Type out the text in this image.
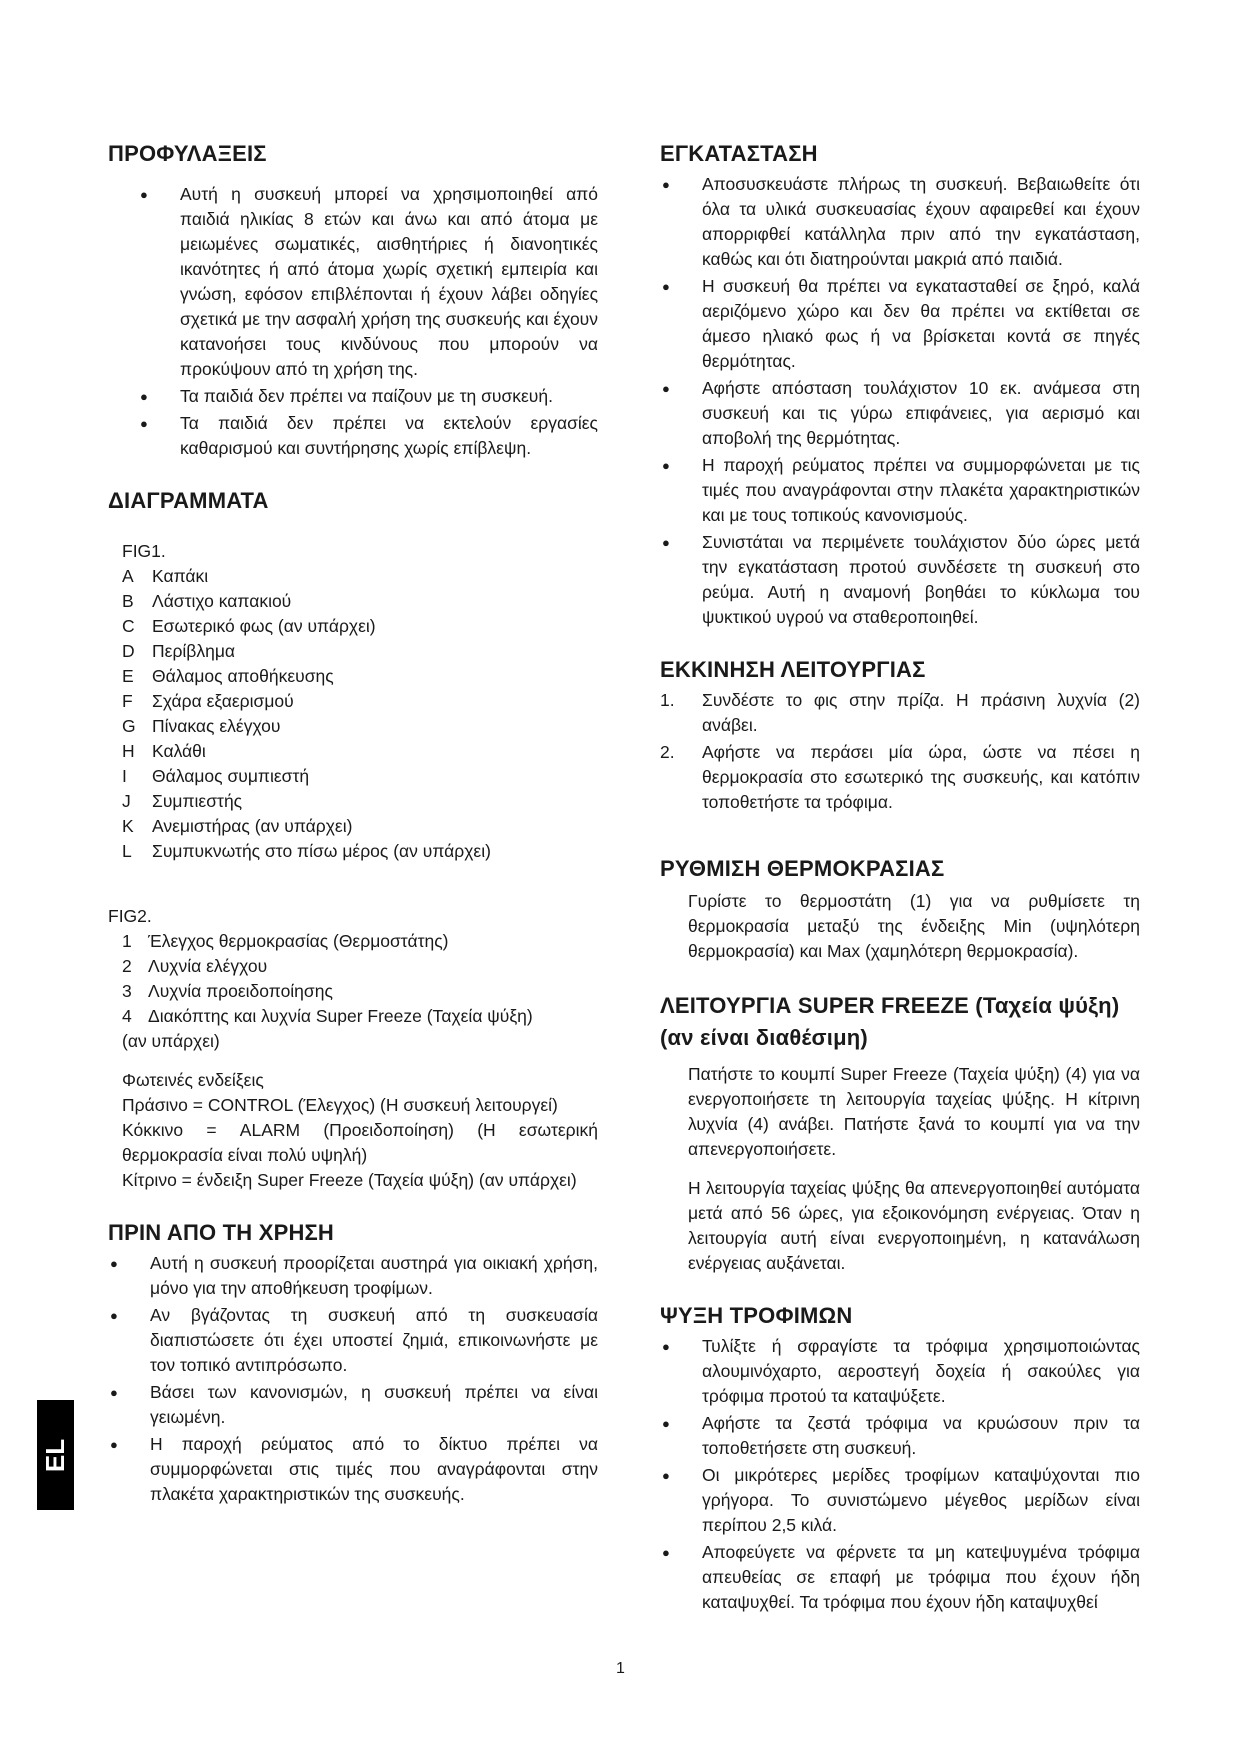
ΠΡΟΦΥΛΑΞΕΙΣ
● Αυτή η συσκευή μπορεί να χρησιμοποιηθεί από παιδιά ηλικίας 8 ετών και άνω και από άτομα με μειωμένες σωματικές, αισθητήριες ή διανοητικές ικανότητες ή από άτομα χωρίς σχετική εμπειρία και γνώση, εφόσον επιβλέπονται ή έχουν λάβει οδηγίες σχετικά με την ασφαλή χρήση της συσκευής και έχουν κατανοήσει τους κινδύνους που μπορούν να προκύψουν από τη χρήση της.
● Τα παιδιά δεν πρέπει να παίζουν με τη συσκευή.
● Τα παιδιά δεν πρέπει να εκτελούν εργασίες καθαρισμού και συντήρησης χωρίς επίβλεψη.
ΔΙΑΓΡΑΜΜΑΤΑ
FIG1.
A	Καπάκι
B	Λάστιχο καπακιού
C Εσωτερικό φως (αν υπάρχει)
D Περίβλημα
E	Θάλαμος αποθήκευσης
F	Σχάρα εξαερισμού
G Πίνακας ελέγχου
H Καλάθι
I	Θάλαμος συμπιεστή
J	Συμπιεστής
K	Ανεμιστήρας (αν υπάρχει)
L	Συμπυκνωτής στο πίσω μέρος (αν υπάρχει)
FIG2.
1 Έλεγχος θερμοκρασίας (Θερμοστάτης)
2 Λυχνία ελέγχου
3 Λυχνία προειδοποίησης
4 Διακόπτης και λυχνία Super Freeze (Ταχεία ψύξη)
(αν υπάρχει)
Φωτεινές ενδείξεις

Πράσινο = CONTROL (Έλεγχος) (Η συσκευή λειτουργεί)

Κόκκινο = ALARM (Προειδοποίηση) (Η εσωτερική θερμοκρασία είναι πολύ υψηλή)

Κίτρινο = ένδειξη Super Freeze (Ταχεία ψύξη) (αν υπάρχει)

ΠΡΙΝ ΑΠΟ ΤΗ ΧΡΗΣΗ
● Αυτή η συσκευή προορίζεται αυστηρά για οικιακή χρήση, μόνο για την αποθήκευση τροφίμων.
● Αν βγάζοντας τη συσκευή από τη συσκευασία διαπιστώσετε ότι έχει υποστεί ζημιά, επικοινωνήστε με τον τοπικό αντιπρόσωπο.
● Βάσει των κανονισμών, η συσκευή πρέπει να είναι γειωμένη.
● Η παροχή ρεύματος από το δίκτυο πρέπει να συμμορφώνεται στις τιμές που αναγράφονται στην πλακέτα χαρακτηριστικών της συσκευής.
ΕΓΚΑΤΑΣΤΑΣΗ
● Αποσυσκευάστε πλήρως τη συσκευή. Βεβαιωθείτε ότι όλα τα υλικά συσκευασίας έχουν αφαιρεθεί και έχουν απορριφθεί κατάλληλα πριν από την εγκατάσταση, καθώς και ότι διατηρούνται μακριά από παιδιά.
● Η συσκευή θα πρέπει να εγκατασταθεί σε ξηρό, καλά αεριζόμενο χώρο και δεν θα πρέπει να εκτίθεται σε άμεσο ηλιακό φως ή να βρίσκεται κοντά σε πηγές θερμότητας.
● Αφήστε απόσταση τουλάχιστον 10 εκ. ανάμεσα στη συσκευή και τις γύρω επιφάνειες, για αερισμό και αποβολή της θερμότητας.
● Η παροχή ρεύματος πρέπει να συμμορφώνεται με τις τιμές που αναγράφονται στην πλακέτα χαρακτηριστικών και με τους τοπικούς κανονισμούς.
● Συνιστάται να περιμένετε τουλάχιστον δύο ώρες μετά την εγκατάσταση προτού συνδέσετε τη συσκευή στο ρεύμα. Αυτή η αναμονή βοηθάει το κύκλωμα του ψυκτικού υγρού να σταθεροποιηθεί.
ΕΚΚΙΝΗΣΗ ΛΕΙΤΟΥΡΓΙΑΣ
1. Συνδέστε το φις στην πρίζα. Η πράσινη λυχνία (2) ανάβει.
2. Αφήστε να περάσει μία ώρα, ώστε να πέσει η θερμοκρασία στο εσωτερικό της συσκευής, και κατόπιν τοποθετήστε τα τρόφιμα.
ΡΥΘΜΙΣΗ ΘΕΡΜΟΚΡΑΣΙΑΣ

Γυρίστε το θερμοστάτη (1) για να ρυθμίσετε τη θερμοκρασία μεταξύ της ένδειξης Min (υψηλότερη θερμοκρασία) και Max (χαμηλότερη θερμοκρασία).

ΛΕΙΤΟΥΡΓΙΑ SUPER FREEZE (Ταχεία ψύξη)
(αν είναι διαθέσιμη)

Πατήστε το κουμπί Super Freeze (Ταχεία ψύξη) (4) για να ενεργοποιήσετε τη λειτουργία ταχείας ψύξης. Η κίτρινη λυχνία (4) ανάβει. Πατήστε ξανά το κουμπί για να την απενεργοποιήσετε.

Η λειτουργία ταχείας ψύξης θα απενεργοποιηθεί αυτόματα μετά από 56 ώρες, για εξοικονόμηση ενέργειας. Όταν η λειτουργία αυτή είναι ενεργοποιημένη, η κατανάλωση ενέργειας αυξάνεται.

ΨΥΞΗ ΤΡΟΦΙΜΩΝ
● Τυλίξτε ή σφραγίστε τα τρόφιμα χρησιμοποιώντας αλουμινόχαρτο, αεροστεγή δοχεία ή σακούλες για τρόφιμα προτού τα καταψύξετε.
● Αφήστε τα ζεστά τρόφιμα να κρυώσουν πριν τα τοποθετήσετε στη συσκευή.
● Οι μικρότερες μερίδες τροφίμων καταψύχονται πιο γρήγορα. Το συνιστώμενο μέγεθος μερίδων είναι περίπου 2,5 κιλά.
● Αποφεύγετε να φέρνετε τα μη κατεψυγμένα τρόφιμα απευθείας σε επαφή με τρόφιμα που έχουν ήδη καταψυχθεί. Τα τρόφιμα που έχουν ήδη καταψυχθεί
EL
1
